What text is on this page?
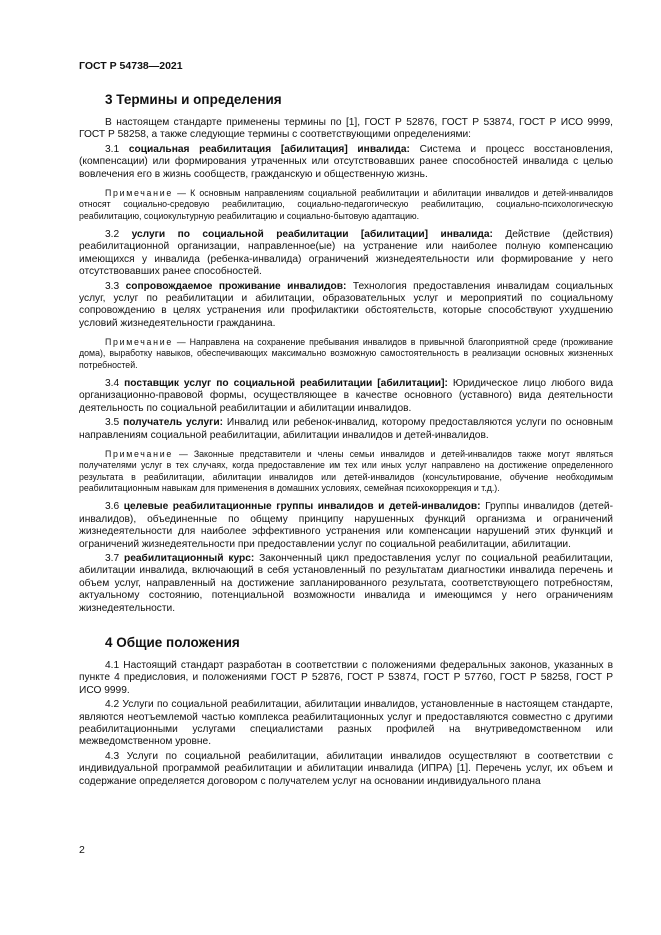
ГОСТ Р 54738—2021
3 Термины и определения

В настоящем стандарте применены термины по [1], ГОСТ Р 52876, ГОСТ Р 53874, ГОСТ Р ИСО 9999, ГОСТ Р 58258, а также следующие термины с соответствующими определениями:

3.1 социальная реабилитация [абилитация] инвалида: Система и процесс восстановления, (компенсации) или формирования утраченных или отсутствовавших ранее способностей инвалида с целью вовлечения его в жизнь сообществ, гражданскую и общественную жизнь.

Примечание — К основным направлениям социальной реабилитации и абилитации инвалидов и детей-инвалидов относят социально-средовую реабилитацию, социально-педагогическую реабилитацию, социально-психологическую реабилитацию, социокультурную реабилитацию и социально-бытовую адаптацию.

3.2 услуги по социальной реабилитации [абилитации] инвалида: Действие (действия) реабилитационной организации, направленное(ые) на устранение или наиболее полную компенсацию имеющихся у инвалида (ребенка-инвалида) ограничений жизнедеятельности или формирование у него отсутствовавших ранее способностей.

3.3 сопровождаемое проживание инвалидов: Технология предоставления инвалидам социальных услуг, услуг по реабилитации и абилитации, образовательных услуг и мероприятий по социальному сопровождению в целях устранения или профилактики обстоятельств, которые способствуют ухудшению условий жизнедеятельности гражданина.

Примечание — Направлена на сохранение пребывания инвалидов в привычной благоприятной среде (проживание дома), выработку навыков, обеспечивающих максимально возможную самостоятельность в реализации основных жизненных потребностей.

3.4 поставщик услуг по социальной реабилитации [абилитации]: Юридическое лицо любого вида организационно-правовой формы, осуществляющее в качестве основного (уставного) вида деятельности деятельность по социальной реабилитации и абилитации инвалидов.

3.5 получатель услуги: Инвалид или ребенок-инвалид, которому предоставляются услуги по основным направлениям социальной реабилитации, абилитации инвалидов и детей-инвалидов.

Примечание — Законные представители и члены семьи инвалидов и детей-инвалидов также могут являться получателями услуг в тех случаях, когда предоставление им тех или иных услуг направлено на достижение определенного результата в реабилитации, абилитации инвалидов или детей-инвалидов (консультирование, обучение необходимым реабилитационным навыкам для применения в домашних условиях, семейная психокоррекция и т.д.).

3.6 целевые реабилитационные группы инвалидов и детей-инвалидов: Группы инвалидов (детей-инвалидов), объединенные по общему принципу нарушенных функций организма и ограничений жизнедеятельности для наиболее эффективного устранения или компенсации нарушений этих функций и ограничений жизнедеятельности при предоставлении услуг по социальной реабилитации, абилитации.

3.7 реабилитационный курс: Законченный цикл предоставления услуг по социальной реабилитации, абилитации инвалида, включающий в себя установленный по результатам диагностики инвалида перечень и объем услуг, направленный на достижение запланированного результата, соответствующего потребностям, актуальному состоянию, потенциальной возможности инвалида и имеющимся у него ограничениям жизнедеятельности.

4 Общие положения

4.1 Настоящий стандарт разработан в соответствии с положениями федеральных законов, указанных в пункте 4 предисловия, и положениями ГОСТ Р 52876, ГОСТ Р 53874, ГОСТ Р 57760, ГОСТ Р 58258, ГОСТ Р ИСО 9999.

4.2 Услуги по социальной реабилитации, абилитации инвалидов, установленные в настоящем стандарте, являются неотъемлемой частью комплекса реабилитационных услуг и предоставляются совместно с другими реабилитационными услугами специалистами разных профилей на внутриведомственном или межведомственном уровне.

4.3 Услуги по социальной реабилитации, абилитации инвалидов осуществляют в соответствии с индивидуальной программой реабилитации и абилитации инвалида (ИПРА) [1]. Перечень услуг, их объем и содержание определяется договором с получателем услуг на основании индивидуального плана

2
